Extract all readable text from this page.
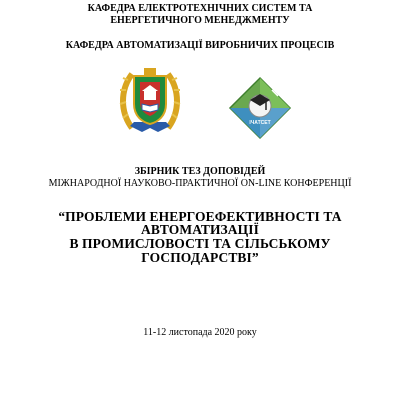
КАФЕДРА ЕЛЕКТРОТЕХНІЧНИХ СИСТЕМ ТА
ЕНЕРГЕТИЧНОГО МЕНЕДЖМЕНТУ
КАФЕДРА АВТОМАТИЗАЦІЇ ВИРОБНИЧИХ ПРОЦЕСІВ
ІЧАТСЕТ
ЗБІРНИК ТЕЗ ДОПОВІДЕЙ
МІЖНАРОДНОЇ НАУКОВО-ПРАКТИЧНОЇ ON-LINE КОНФЕРЕНЦІЇ
“ПРОБЛЕМИ ЕНЕРГОЕФЕКТИВНОСТІ ТА
АВТОМАТИЗАЦІЇ
В ПРОМИСЛОВОСТІ ТА СІЛЬСЬКОМУ
ГОСПОДАРСТВІ”
11-12 листопада 2020 року
